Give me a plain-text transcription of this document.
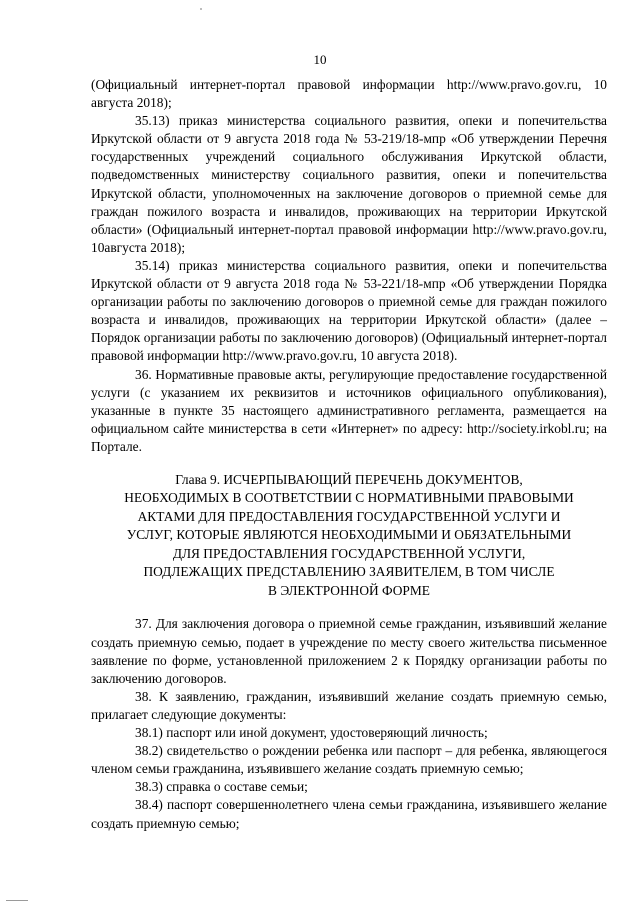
10

(Официальный интернет-портал правовой информации http://www.pravo.gov.ru, 10 августа 2018);

35.13) приказ министерства социального развития, опеки и попечительства Иркутской области от 9 августа 2018 года № 53-219/18-мпр «Об утверждении Перечня государственных учреждений социального обслуживания Иркутской области, подведомственных министерству социального развития, опеки и попечительства Иркутской области, уполномоченных на заключение договоров о приемной семье для граждан пожилого возраста и инвалидов, проживающих на территории Иркутской области» (Официальный интернет-портал правовой информации http://www.pravo.gov.ru, 10августа 2018);

35.14) приказ министерства социального развития, опеки и попечительства Иркутской области от 9 августа 2018 года № 53-221/18-мпр «Об утверждении Порядка организации работы по заключению договоров о приемной семье для граждан пожилого возраста и инвалидов, проживающих на территории Иркутской области» (далее – Порядок организации работы по заключению договоров) (Официальный интернет-портал правовой информации http://www.pravo.gov.ru, 10 августа 2018).

36. Нормативные правовые акты, регулирующие предоставление государственной услуги (с указанием их реквизитов и источников официального опубликования), указанные в пункте 35 настоящего административного регламента, размещается на официальном сайте министерства в сети «Интернет» по адресу: http://society.irkobl.ru; на Портале.

Глава 9. ИСЧЕРПЫВАЮЩИЙ ПЕРЕЧЕНЬ ДОКУМЕНТОВ,
НЕОБХОДИМЫХ В СООТВЕТСТВИИ С НОРМАТИВНЫМИ ПРАВОВЫМИ
АКТАМИ ДЛЯ ПРЕДОСТАВЛЕНИЯ ГОСУДАРСТВЕННОЙ УСЛУГИ И
УСЛУГ, КОТОРЫЕ ЯВЛЯЮТСЯ НЕОБХОДИМЫМИ И ОБЯЗАТЕЛЬНЫМИ
ДЛЯ ПРЕДОСТАВЛЕНИЯ ГОСУДАРСТВЕННОЙ УСЛУГИ,
ПОДЛЕЖАЩИХ ПРЕДСТАВЛЕНИЮ ЗАЯВИТЕЛЕМ, В ТОМ ЧИСЛЕ
В ЭЛЕКТРОННОЙ ФОРМЕ

37. Для заключения договора о приемной семье гражданин, изъявивший желание создать приемную семью, подает в учреждение по месту своего жительства письменное заявление по форме, установленной приложением 2 к Порядку организации работы по заключению договоров.

38. К заявлению, гражданин, изъявивший желание создать приемную семью, прилагает следующие документы:

38.1) паспорт или иной документ, удостоверяющий личность;

38.2) свидетельство о рождении ребенка или паспорт – для ребенка, являющегося членом семьи гражданина, изъявившего желание создать приемную семью;

38.3) справка о составе семьи;

38.4) паспорт совершеннолетнего члена семьи гражданина, изъявившего желание создать приемную семью;
